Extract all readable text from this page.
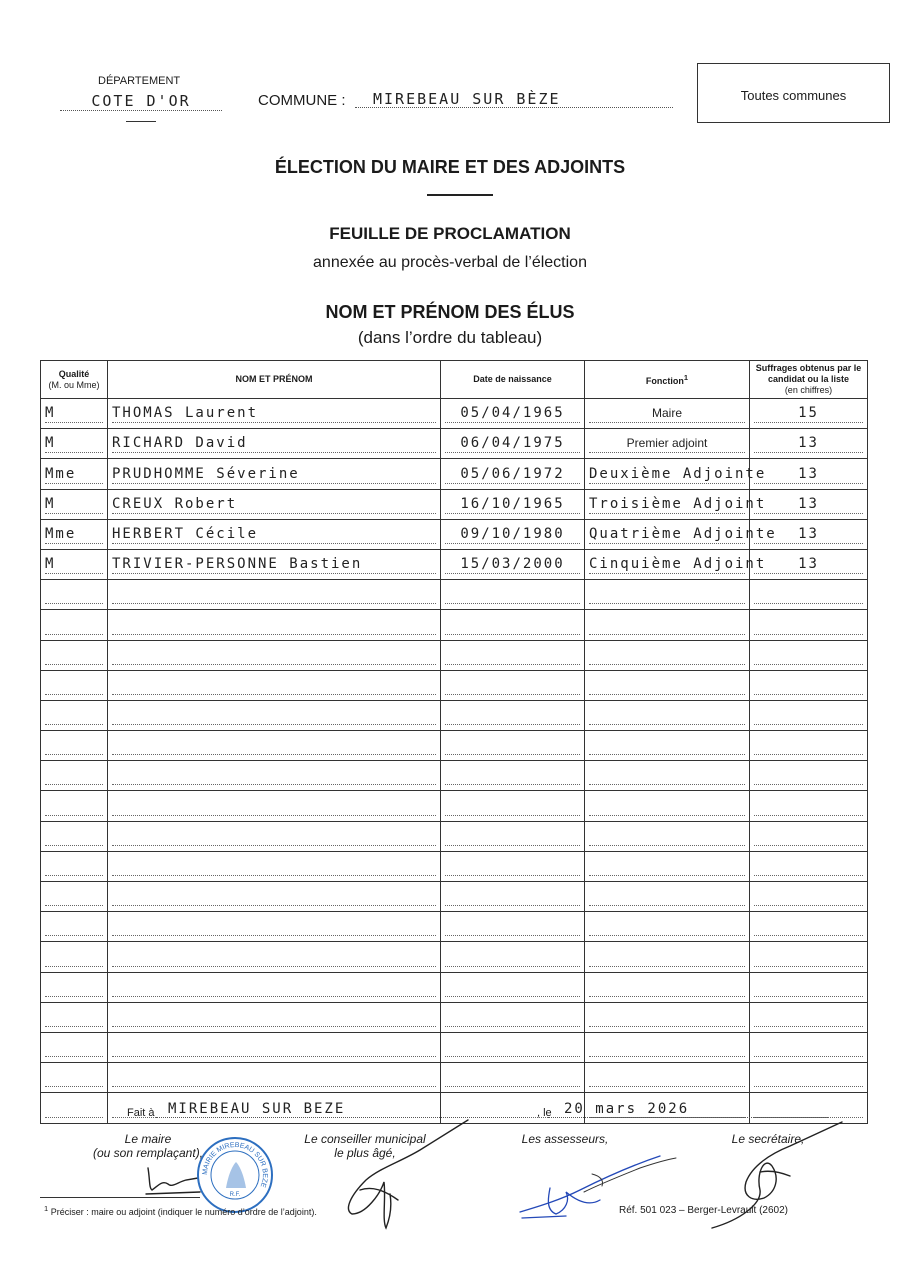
DÉPARTEMENT
COTE D'OR	COMMUNE :	MIREBEAU SUR BÈZE	Toutes communes
ÉLECTION DU MAIRE ET DES ADJOINTS
FEUILLE DE PROCLAMATION
annexée au procès-verbal de l’élection
NOM ET PRÉNOM DES ÉLUS
(dans l’ordre du tableau)
Qualité
(M. ou Mme)	NOM ET PRÉNOM	Date de naissance	Fonction$^1$	Suffrages obtenus par le candidat ou la liste
(en chiffres)

M	THOMAS Laurent	05/04/1965	Maire	15

M	RICHARD David	06/04/1975	Premier adjoint	13

Mme	PRUDHOMME Séverine	05/06/1972	Deuxième Adjointe	13

M	CREUX Robert	16/10/1965	Troisième Adjoint	13

Mme	HERBERT Cécile	09/10/1980	Quatrième Adjointe	13

M	TRIVIER-PERSONNE Bastien	15/03/2000	Cinquième Adjoint	13

Fait à MIREBEAU SUR BEZE	, le 20 mars 2026
Le maire
(ou son remplaçant),
Le conseiller municipal
le plus âgé,
Les assesseurs,	Le secrétaire,
MAIRIE MIREBEAU SUR BEZE
R.F.
$^1$ Préciser : maire ou adjoint (indiquer le numéro d’ordre de l’adjoint).	Réf. 501 023 – Berger-Levrault (2602)
